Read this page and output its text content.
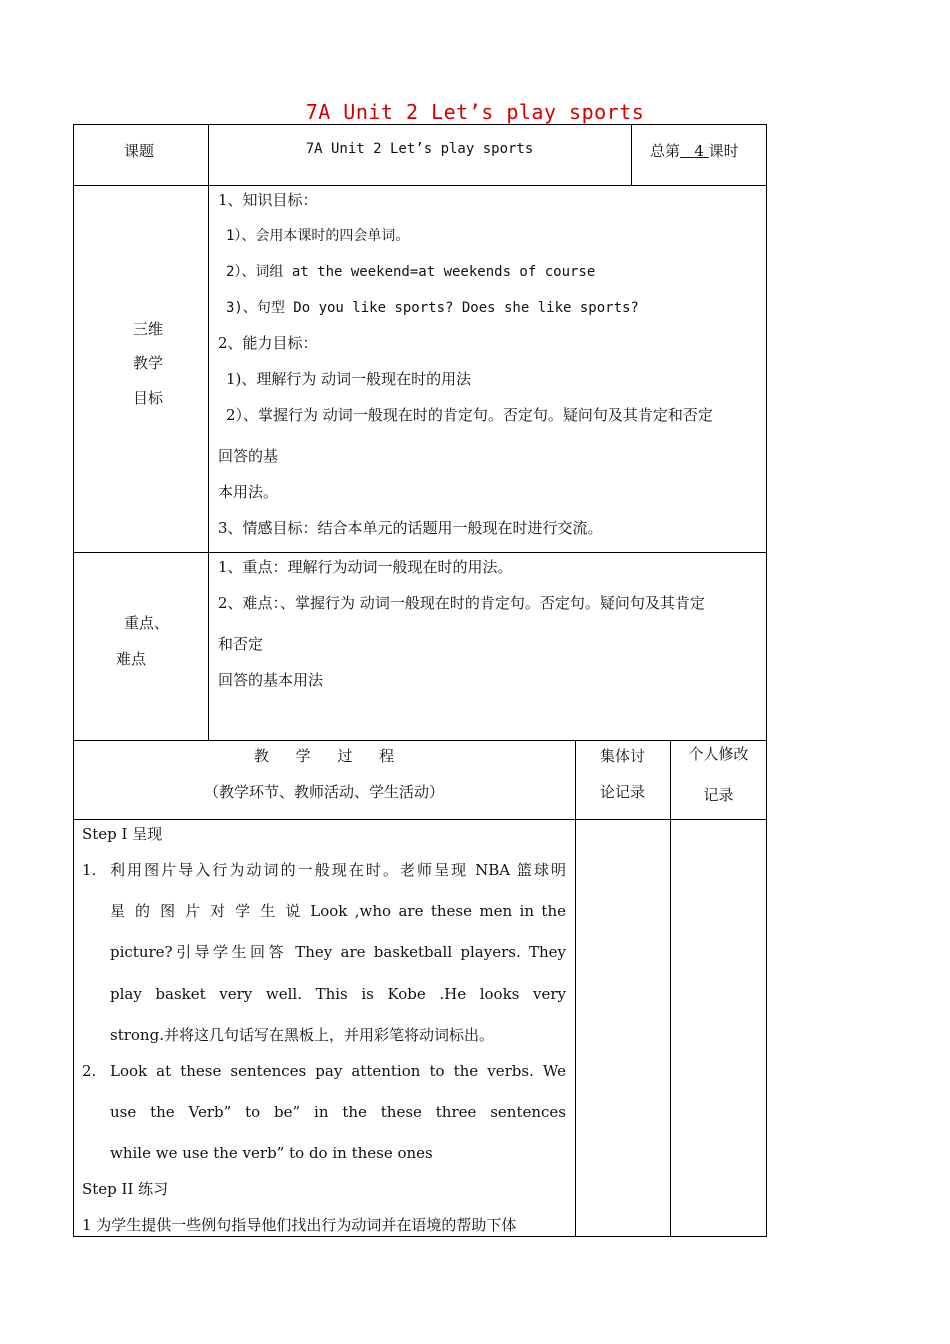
7A Unit 2 Let’s play sports
课题	7A Unit 2 Let’s play sports	总第 4 课时
三维
教学
目标
1、知识目标：
1）、会用本课时的四会单词。
2）、词组 at the weekend=at weekends of course
3)、句型 Do you like sports? Does she like sports?
2、能力目标：
1)、理解行为 动词一般现在时的用法
2）、掌握行为 动词一般现在时的肯定句。否定句。疑问句及其肯定和否定
回答的基
本用法。
3、情感目标：结合本单元的话题用一般现在时进行交流。
重点、
难点
1、重点：理解行为动词一般现在时的用法。
2、难点：、掌握行为 动词一般现在时的肯定句。否定句。疑问句及其肯定
和否定
回答的基本用法
教 学 过 程
（教学环节、教师活动、学生活动）
集体讨
论记录
个人修改
记录
Step I 呈现
1. 利用图片导入行为动词的一般现在时。老师呈现 NBA 篮球明
星 的 图 片 对 学 生 说 Look ,who are these men in the
picture?引导学生回答 They are basketball players. They
play basket very well. This is Kobe .He looks very
strong.并将这几句话写在黑板上，并用彩笔将动词标出。
2. Look at these sentences pay attention to the verbs. We
use the Verb” to be” in the these three sentences
while we use the verb” to do in these ones
Step II 练习
1 为学生提供一些例句指导他们找出行为动词并在语境的帮助下体
